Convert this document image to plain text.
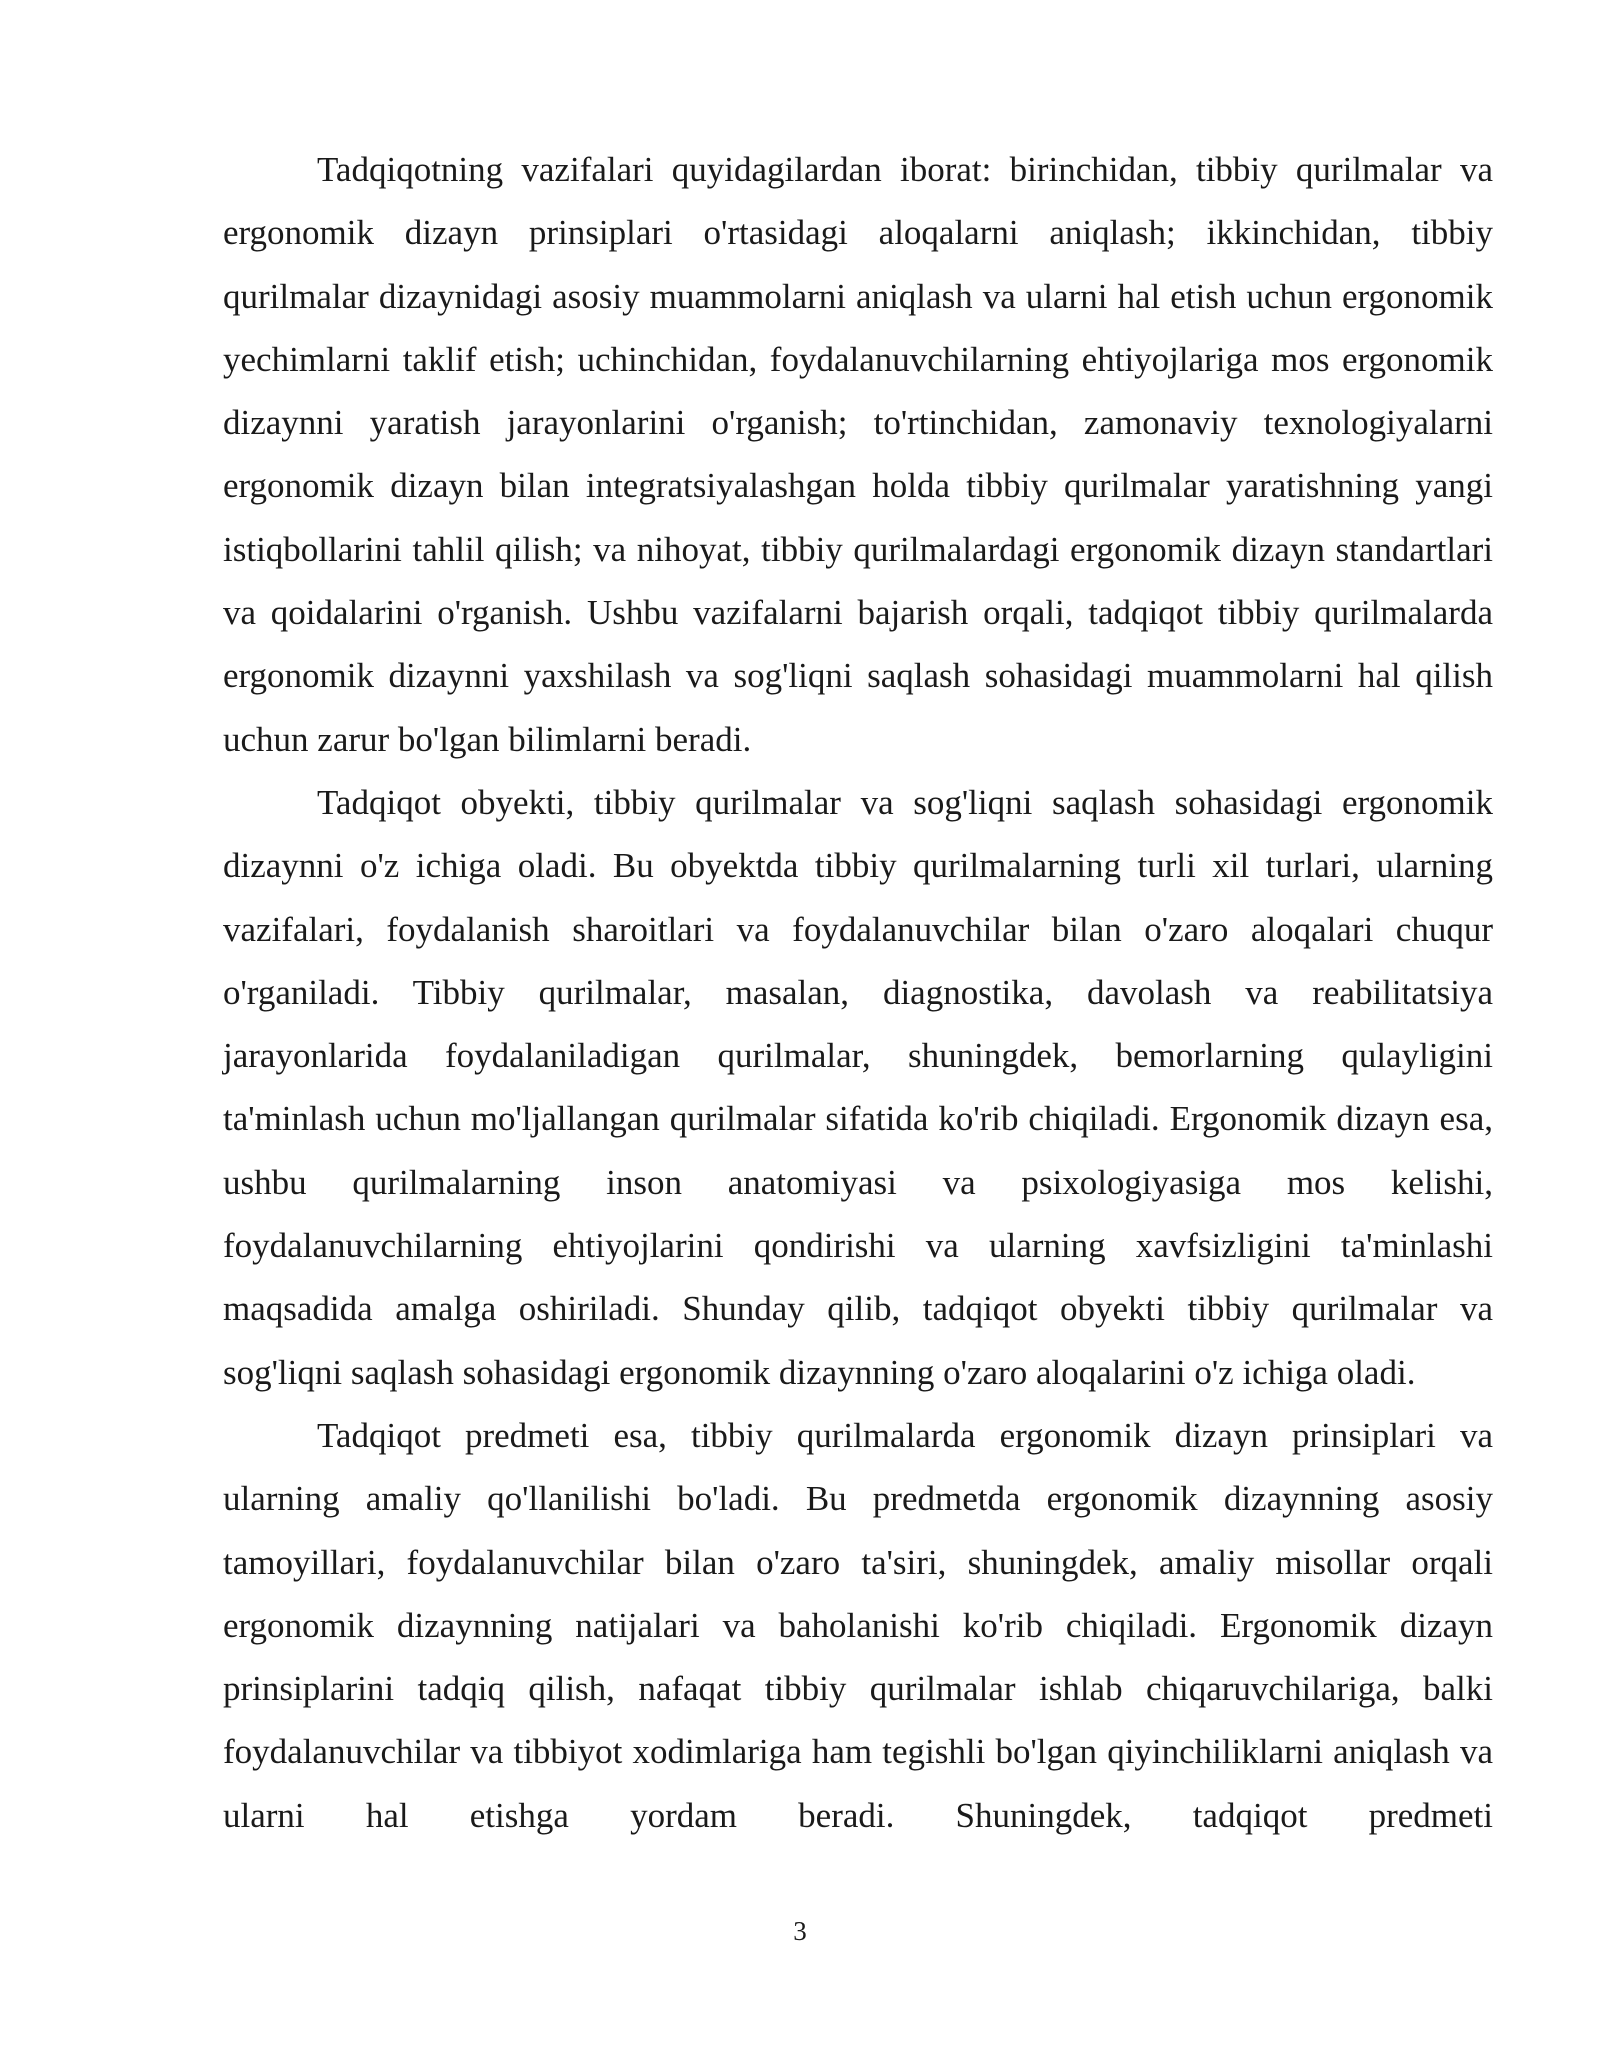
Tadqiqotning vazifalari quyidagilardan iborat: birinchidan, tibbiy qurilmalar va ergonomik dizayn prinsiplari o'rtasidagi aloqalarni aniqlash; ikkinchidan, tibbiy qurilmalar dizaynidagi asosiy muammolarni aniqlash va ularni hal etish uchun ergonomik yechimlarni taklif etish; uchinchidan, foydalanuvchilarning ehtiyojlariga mos ergonomik dizaynni yaratish jarayonlarini o'rganish; to'rtinchidan, zamonaviy texnologiyalarni ergonomik dizayn bilan integratsiyalashgan holda tibbiy qurilmalar yaratishning yangi istiqbollarini tahlil qilish; va nihoyat, tibbiy qurilmalardagi ergonomik dizayn standartlari va qoidalarini o'rganish. Ushbu vazifalarni bajarish orqali, tadqiqot tibbiy qurilmalarda ergonomik dizaynni yaxshilash va sog'liqni saqlash sohasidagi muammolarni hal qilish uchun zarur bo'lgan bilimlarni beradi.

Tadqiqot obyekti, tibbiy qurilmalar va sog'liqni saqlash sohasidagi ergonomik dizaynni o'z ichiga oladi. Bu obyektda tibbiy qurilmalarning turli xil turlari, ularning vazifalari, foydalanish sharoitlari va foydalanuvchilar bilan o'zaro aloqalari chuqur o'rganiladi. Tibbiy qurilmalar, masalan, diagnostika, davolash va reabilitatsiya jarayonlarida foydalaniladigan qurilmalar, shuningdek, bemorlarning qulayligini ta'minlash uchun mo'ljallangan qurilmalar sifatida ko'rib chiqiladi. Ergonomik dizayn esa, ushbu qurilmalarning inson anatomiyasi va psixologiyasiga mos kelishi, foydalanuvchilarning ehtiyojlarini qondirishi va ularning xavfsizligini ta'minlashi maqsadida amalga oshiriladi. Shunday qilib, tadqiqot obyekti tibbiy qurilmalar va sog'liqni saqlash sohasidagi ergonomik dizaynning o'zaro aloqalarini o'z ichiga oladi.

Tadqiqot predmeti esa, tibbiy qurilmalarda ergonomik dizayn prinsiplari va ularning amaliy qo'llanilishi bo'ladi. Bu predmetda ergonomik dizaynning asosiy tamoyillari, foydalanuvchilar bilan o'zaro ta'siri, shuningdek, amaliy misollar orqali ergonomik dizaynning natijalari va baholanishi ko'rib chiqiladi. Ergonomik dizayn prinsiplarini tadqiq qilish, nafaqat tibbiy qurilmalar ishlab chiqaruvchilariga, balki foydalanuvchilar va tibbiyot xodimlariga ham tegishli bo'lgan qiyinchiliklarni aniqlash va ularni hal etishga yordam beradi. Shuningdek, tadqiqot predmeti

3
